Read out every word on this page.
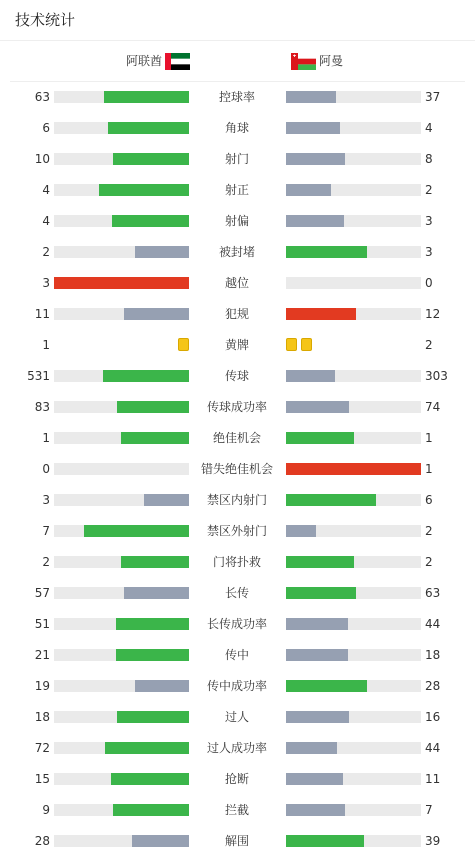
技术统计
阿联酋	阿曼
63	控球率	37
6	角球	4
10	射门	8
4	射正	2
4	射偏	3
2	被封堵	3
3	越位	0
11	犯规	12
1	黄牌	2
531	传球	303
83	传球成功率	74
1	绝佳机会	1
0	错失绝佳机会	1
3	禁区内射门	6
7	禁区外射门	2
2	门将扑救	2
57	长传	63
51	长传成功率	44
21	传中	18
19	传中成功率	28
18	过人	16
72	过人成功率	44
15	抢断	11
9	拦截	7
28	解围	39
